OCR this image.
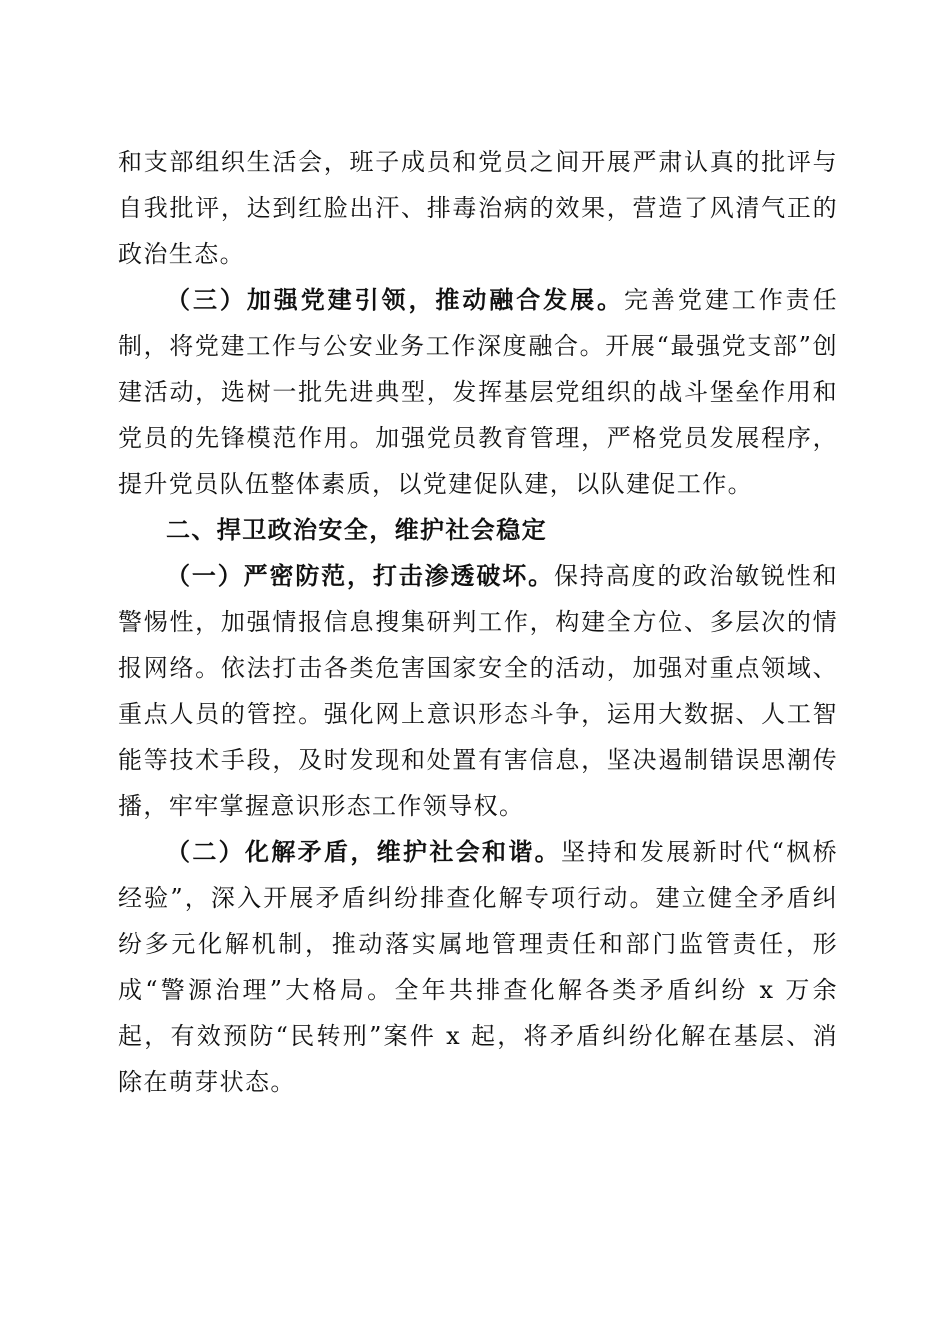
和支部组织生活会，班子成员和党员之间开展严肃认真的批评与自我批评，达到红脸出汗、排毒治病的效果，营造了风清气正的政治生态。

（三）加强党建引领，推动融合发展。完善党建工作责任制，将党建工作与公安业务工作深度融合。开展“最强党支部”创建活动，选树一批先进典型，发挥基层党组织的战斗堡垒作用和党员的先锋模范作用。加强党员教育管理，严格党员发展程序，提升党员队伍整体素质，以党建促队建，以队建促工作。

二、捍卫政治安全，维护社会稳定

（一）严密防范，打击渗透破坏。保持高度的政治敏锐性和警惕性，加强情报信息搜集研判工作，构建全方位、多层次的情报网络。依法打击各类危害国家安全的活动，加强对重点领域、重点人员的管控。强化网上意识形态斗争，运用大数据、人工智能等技术手段，及时发现和处置有害信息，坚决遏制错误思潮传播，牢牢掌握意识形态工作领导权。

（二）化解矛盾，维护社会和谐。坚持和发展新时代“枫桥经验”，深入开展矛盾纠纷排查化解专项行动。建立健全矛盾纠纷多元化解机制，推动落实属地管理责任和部门监管责任，形成“警源治理”大格局。全年共排查化解各类矛盾纠纷 x 万余起，有效预防“民转刑”案件 x 起，将矛盾纠纷化解在基层、消除在萌芽状态。
